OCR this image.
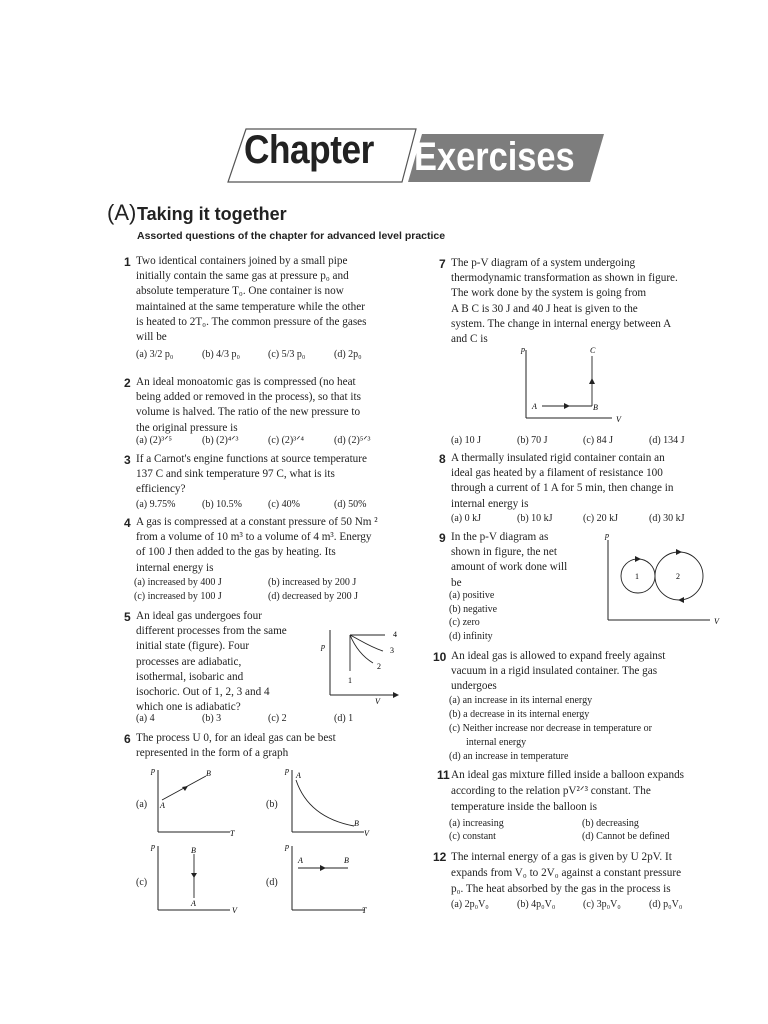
Chapter Exercises
(A) Taking it together
Assorted questions of the chapter for advanced level practice
1 Two identical containers joined by a small pipe
initially contain the same gas at pressure p₀ and
absolute temperature T₀. One container is now
maintained at the same temperature while the other
is heated to 2T₀. The common pressure of the gases
will be
(a) 3/2 p₀	(b) 4/3 p₀	(c) 5/3 p₀	(d) 2p₀
2 An ideal monoatomic gas is compressed (no heat
being added or removed in the process), so that its
volume is halved. The ratio of the new pressure to
the original pressure is
(a) (2)³ᐟ⁵	(b) (2)⁴ᐟ³	(c) (2)³ᐟ⁴	(d) (2)⁵ᐟ³
3 If a Carnot's engine functions at source temperature
137 C and sink temperature 97 C, what is its
efficiency?
(a) 9.75%	(b) 10.5%	(c) 40%	(d) 50%
4 A gas is compressed at a constant pressure of 50 Nm ²
from a volume of 10 m³ to a volume of 4 m³. Energy
of 100 J then added to the gas by heating. Its
internal energy is
(a) increased by 400 J	(b) increased by 200 J
(c) increased by 100 J	(d) decreased by 200 J
5 An ideal gas undergoes four
different processes from the same
initial state (figure). Four
processes are adiabatic,
isothermal, isobaric and
isochoric. Out of 1, 2, 3 and 4
which one is adiabatic?
4
3
2
1
p
V
(a) 4	(b) 3	(c) 2	(d) 1
6 The process U 0, for an ideal gas can be best
represented in the form of a graph
(a)
p
T
A
B
(b)
p
V
A
B
(c)
p
V
B
A
(d)
p
T
A	B
7 The p-V diagram of a system undergoing
thermodynamic transformation as shown in figure.
The work done by the system is going from
A B C is 30 J and 40 J heat is given to the
system. The change in internal energy between A
and C is
p
V
A	B
C
(a) 10 J	(b) 70 J	(c) 84 J	(d) 134 J
8 A thermally insulated rigid container contain an
ideal gas heated by a filament of resistance 100
through a current of 1 A for 5 min, then change in
internal energy is
(a) 0 kJ	(b) 10 kJ	(c) 20 kJ	(d) 30 kJ
9 In the p-V diagram as
shown in figure, the net
amount of work done will
be
(a) positive
(b) negative
(c) zero
(d) infinity
p
V
1	2
10 An ideal gas is allowed to expand freely against
vacuum in a rigid insulated container. The gas
undergoes
(a) an increase in its internal energy
(b) a decrease in its internal energy
(c) Neither increase nor decrease in temperature or
internal energy
(d) an increase in temperature
11 An ideal gas mixture filled inside a balloon expands
according to the relation pV²ᐟ³ constant. The
temperature inside the balloon is
(a) increasing	(b) decreasing
(c) constant	(d) Cannot be defined
12 The internal energy of a gas is given by U 2pV. It
expands from V₀ to 2V₀ against a constant pressure
p₀. The heat absorbed by the gas in the process is
(a) 2p₀V₀	(b) 4p₀V₀	(c) 3p₀V₀	(d) p₀V₀
